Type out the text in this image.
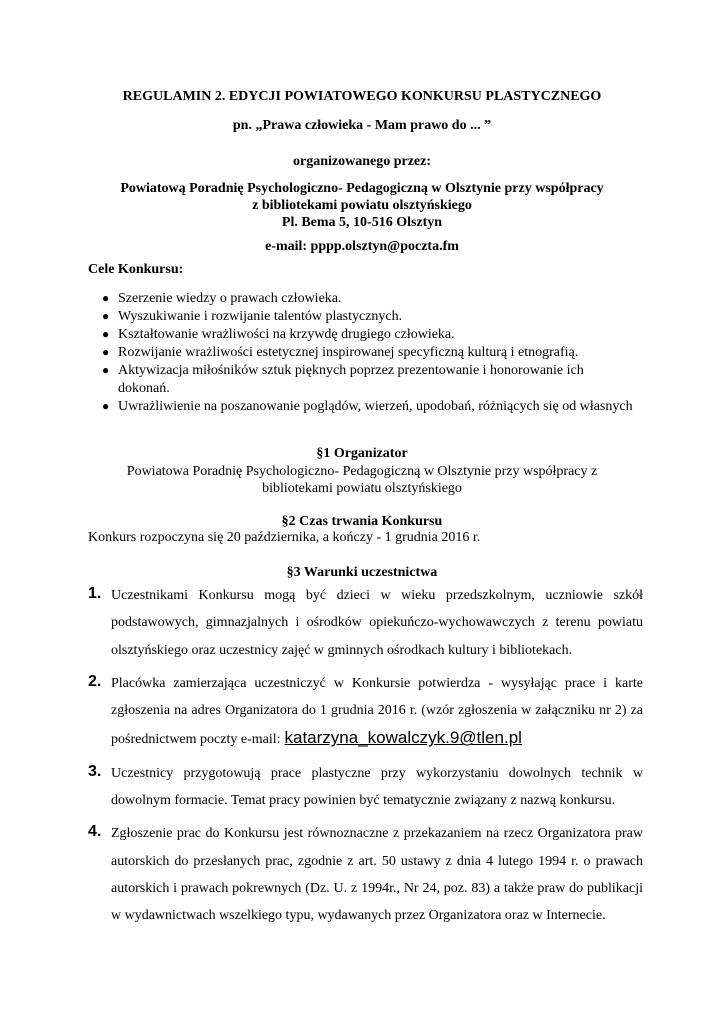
REGULAMIN 2. EDYCJI POWIATOWEGO KONKURSU PLASTYCZNEGO

pn. „Prawa człowieka - Mam prawo do ... ”

organizowanego przez:

Powiatową Poradnię Psychologiczno- Pedagogiczną w Olsztynie przy współpracy

z bibliotekami powiatu olsztyńskiego

Pl. Bema 5, 10-516 Olsztyn

e-mail: pppp.olsztyn@poczta.fm

Cele Konkursu:

● Szerzenie wiedzy o prawach człowieka.
● Wyszukiwanie i rozwijanie talentów plastycznych.
● Kształtowanie wrażliwości na krzywdę drugiego człowieka.
● Rozwijanie wrażliwości estetycznej inspirowanej specyficzną kulturą i etnografią.
● Aktywizacja miłośników sztuk pięknych poprzez prezentowanie i honorowanie ich dokonań.
● Uwrażliwienie na poszanowanie poglądów, wierzeń, upodobań, różniących się od własnych

§1 Organizator

Powiatowa Poradnię Psychologiczno- Pedagogiczną w Olsztynie przy współpracy z
bibliotekami powiatu olsztyńskiego

§2 Czas trwania Konkursu

Konkurs rozpoczyna się 20 października, a kończy - 1 grudnia 2016 r.

§3 Warunki uczestnictwa

1. Uczestnikami Konkursu mogą być dzieci w wieku przedszkolnym, uczniowie szkół podstawowych, gimnazjalnych i ośrodków opiekuńczo-wychowawczych z terenu powiatu olsztyńskiego oraz uczestnicy zajęć w gminnych ośrodkach kultury i bibliotekach.
2. Placówka zamierzająca uczestniczyć w Konkursie potwierdza - wysyłając prace i karte zgłoszenia na adres Organizatora do 1 grudnia 2016 r. (wzór zgłoszenia w załączniku nr 2) za pośrednictwem poczty e-mail: katarzyna_kowalczyk.9@tlen.pl
3. Uczestnicy przygotowują prace plastyczne przy wykorzystaniu dowolnych technik w dowolnym formacie. Temat pracy powinien być tematycznie związany z nazwą konkursu.
4. Zgłoszenie prac do Konkursu jest równoznaczne z przekazaniem na rzecz Organizatora praw autorskich do przesłanych prac, zgodnie z art. 50 ustawy z dnia 4 lutego 1994 r. o prawach autorskich i prawach pokrewnych (Dz. U. z 1994r., Nr 24, poz. 83) a także praw do publikacji w wydawnictwach wszelkiego typu, wydawanych przez Organizatora oraz w Internecie.
